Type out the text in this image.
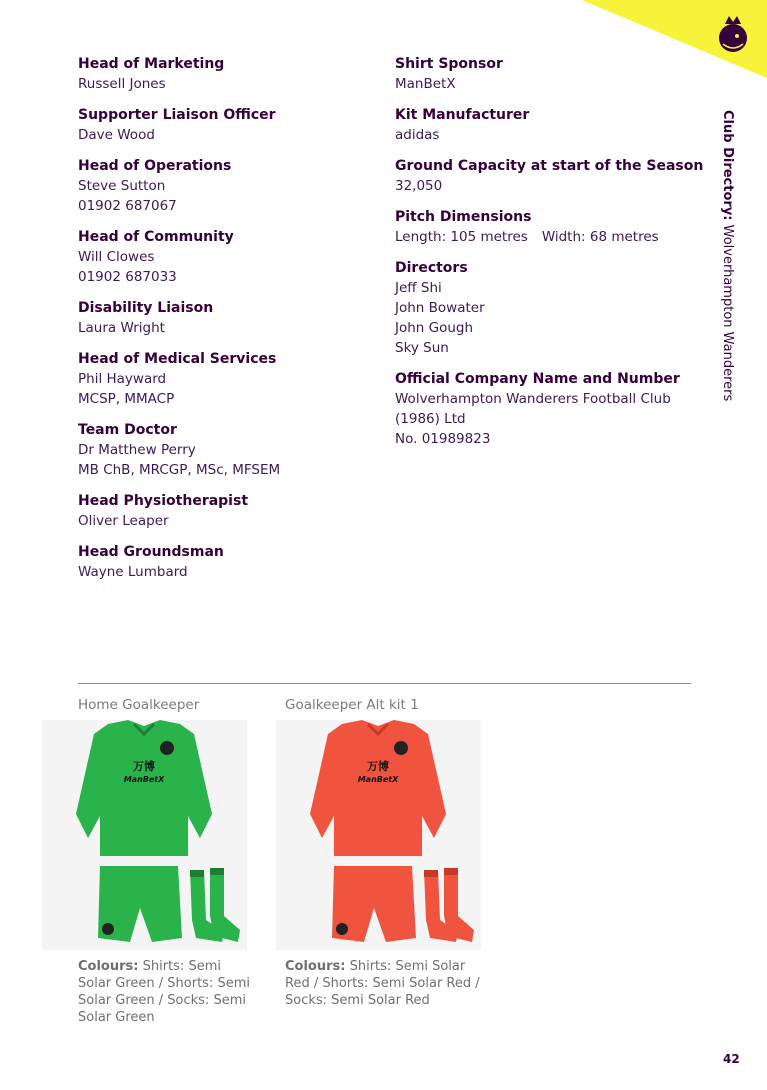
Head of Marketing
Russell Jones
Supporter Liaison Officer
Dave Wood
Head of Operations
Steve Sutton
01902 687067
Head of Community
Will Clowes
01902 687033
Disability Liaison
Laura Wright
Head of Medical Services
Phil Hayward
MCSP, MMACP
Team Doctor
Dr Matthew Perry
MB ChB, MRCGP, MSc, MFSEM
Head Physiotherapist
Oliver Leaper
Head Groundsman
Wayne Lumbard
Shirt Sponsor
ManBetX
Kit Manufacturer
adidas
Ground Capacity at start of the Season
32,050
Pitch Dimensions
Length: 105 metres Width: 68 metres
Directors
Jeff Shi
John Bowater
John Gough
Sky Sun
Official Company Name and Number
Wolverhampton Wanderers Football Club
(1986) Ltd
No. 01989823
Club Directory: Wolverhampton Wanderers
Home Goalkeeper
万博
ManBetX
Colours: Shirts: Semi Solar Green / Shorts: Semi Solar Green / Socks: Semi Solar Green
Goalkeeper Alt kit 1
万博
ManBetX
Colours: Shirts: Semi Solar Red / Shorts: Semi Solar Red / Socks: Semi Solar Red
42
